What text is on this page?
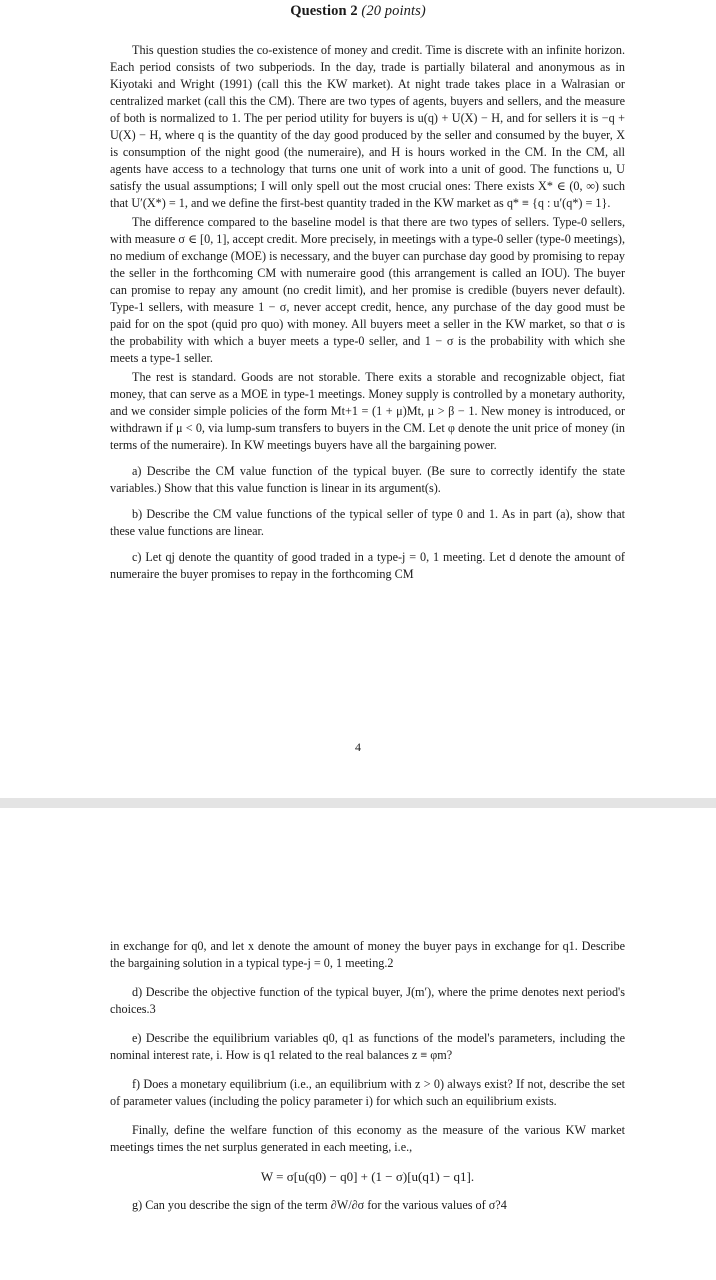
Question 2 (20 points)

This question studies the co-existence of money and credit. Time is discrete with an infinite horizon. Each period consists of two subperiods. In the day, trade is partially bilateral and anonymous as in Kiyotaki and Wright (1991) (call this the KW market). At night trade takes place in a Walrasian or centralized market (call this the CM). There are two types of agents, buyers and sellers, and the measure of both is normalized to 1. The per period utility for buyers is u(q) + U(X) − H, and for sellers it is −q + U(X) − H, where q is the quantity of the day good produced by the seller and consumed by the buyer, X is consumption of the night good (the numeraire), and H is hours worked in the CM. In the CM, all agents have access to a technology that turns one unit of work into a unit of good. The functions u, U satisfy the usual assumptions; I will only spell out the most crucial ones: There exists X* ∈ (0, ∞) such that U′(X*) = 1, and we define the first-best quantity traded in the KW market as q* ≡ {q : u′(q*) = 1}.

The difference compared to the baseline model is that there are two types of sellers. Type-0 sellers, with measure σ ∈ [0, 1], accept credit. More precisely, in meetings with a type-0 seller (type-0 meetings), no medium of exchange (MOE) is necessary, and the buyer can purchase day good by promising to repay the seller in the forthcoming CM with numeraire good (this arrangement is called an IOU). The buyer can promise to repay any amount (no credit limit), and her promise is credible (buyers never default). Type-1 sellers, with measure 1 − σ, never accept credit, hence, any purchase of the day good must be paid for on the spot (quid pro quo) with money. All buyers meet a seller in the KW market, so that σ is the probability with which a buyer meets a type-0 seller, and 1 − σ is the probability with which she meets a type-1 seller.

The rest is standard. Goods are not storable. There exits a storable and recognizable object, fiat money, that can serve as a MOE in type-1 meetings. Money supply is controlled by a monetary authority, and we consider simple policies of the form Mt+1 = (1 + μ)Mt, μ > β − 1. New money is introduced, or withdrawn if μ < 0, via lump-sum transfers to buyers in the CM. Let φ denote the unit price of money (in terms of the numeraire). In KW meetings buyers have all the bargaining power.

a) Describe the CM value function of the typical buyer. (Be sure to correctly identify the state variables.) Show that this value function is linear in its argument(s).

b) Describe the CM value functions of the typical seller of type 0 and 1. As in part (a), show that these value functions are linear.

c) Let qj denote the quantity of good traded in a type-j = 0, 1 meeting. Let d denote the amount of numeraire the buyer promises to repay in the forthcoming CM

4

in exchange for q0, and let x denote the amount of money the buyer pays in exchange for q1. Describe the bargaining solution in a typical type-j = 0, 1 meeting.2

d) Describe the objective function of the typical buyer, J(m′), where the prime denotes next period's choices.3

e) Describe the equilibrium variables q0, q1 as functions of the model's parameters, including the nominal interest rate, i. How is q1 related to the real balances z ≡ φm?

f) Does a monetary equilibrium (i.e., an equilibrium with z > 0) always exist? If not, describe the set of parameter values (including the policy parameter i) for which such an equilibrium exists.

Finally, define the welfare function of this economy as the measure of the various KW market meetings times the net surplus generated in each meeting, i.e.,

W = σ[u(q0) − q0] + (1 − σ)[u(q1) − q1].

g) Can you describe the sign of the term ∂W/∂σ for the various values of σ?4
